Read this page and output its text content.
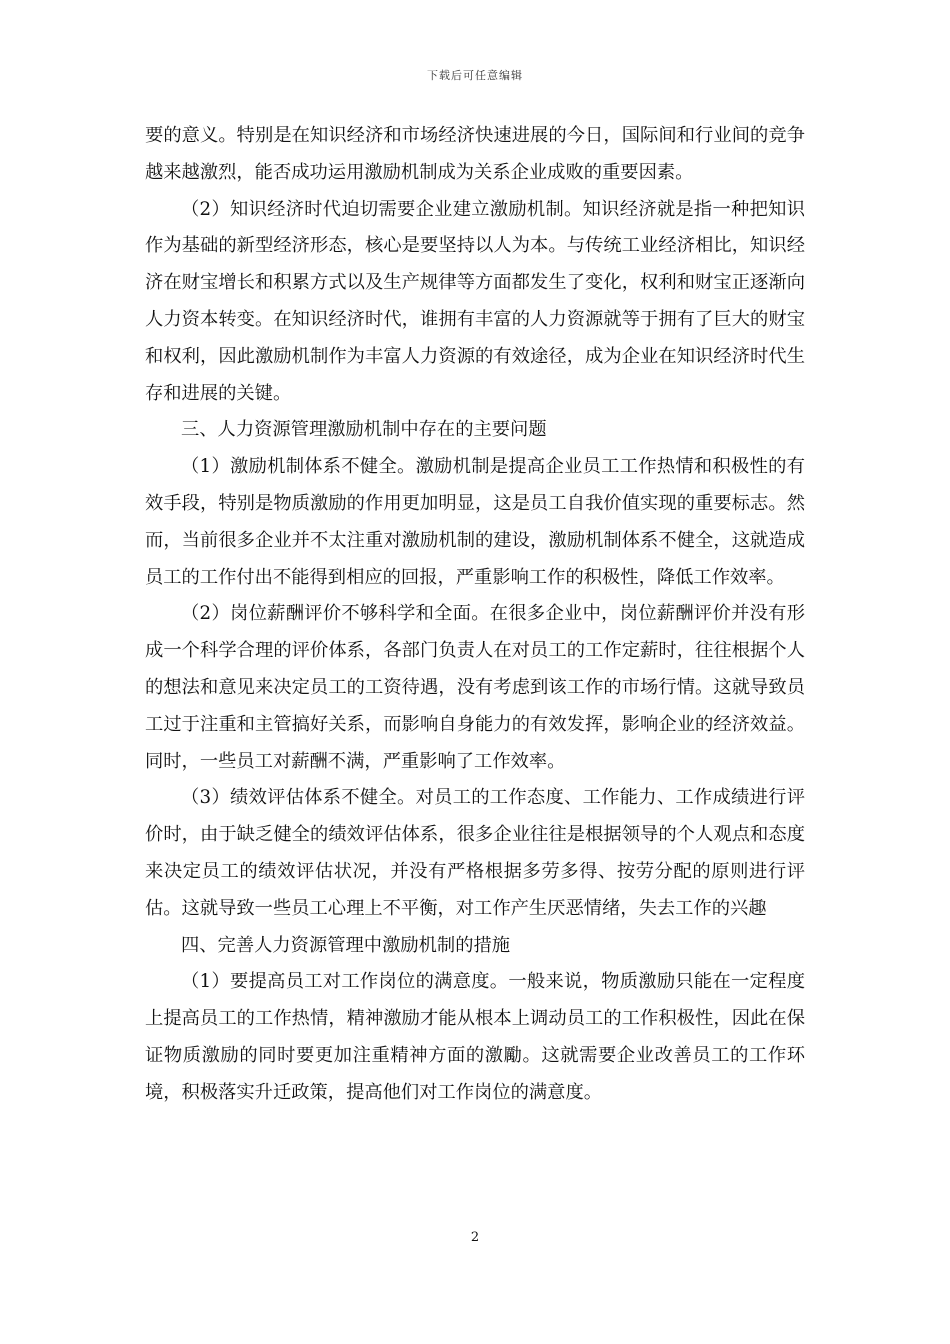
下载后可任意编辑

要的意义。特别是在知识经济和市场经济快速进展的今日，国际间和行业间的竞争越来越激烈，能否成功运用激励机制成为关系企业成败的重要因素。

（2）知识经济时代迫切需要企业建立激励机制。知识经济就是指一种把知识作为基础的新型经济形态，核心是要坚持以人为本。与传统工业经济相比，知识经济在财宝增长和积累方式以及生产规律等方面都发生了变化，权利和财宝正逐渐向人力资本转变。在知识经济时代，谁拥有丰富的人力资源就等于拥有了巨大的财宝和权利，因此激励机制作为丰富人力资源的有效途径，成为企业在知识经济时代生存和进展的关键。

三、人力资源管理激励机制中存在的主要问题

（1）激励机制体系不健全。激励机制是提高企业员工工作热情和积极性的有效手段，特别是物质激励的作用更加明显，这是员工自我价值实现的重要标志。然而，当前很多企业并不太注重对激励机制的建设，激励机制体系不健全，这就造成员工的工作付出不能得到相应的回报，严重影响工作的积极性，降低工作效率。

（2）岗位薪酬评价不够科学和全面。在很多企业中，岗位薪酬评价并没有形成一个科学合理的评价体系，各部门负责人在对员工的工作定薪时，往往根据个人的想法和意见来决定员工的工资待遇，没有考虑到该工作的市场行情。这就导致员工过于注重和主管搞好关系，而影响自身能力的有效发挥，影响企业的经济效益。同时，一些员工对薪酬不满，严重影响了工作效率。

（3）绩效评估体系不健全。对员工的工作态度、工作能力、工作成绩进行评价时，由于缺乏健全的绩效评估体系，很多企业往往是根据领导的个人观点和态度来决定员工的绩效评估状况，并没有严格根据多劳多得、按劳分配的原则进行评估。这就导致一些员工心理上不平衡，对工作产生厌恶情绪，失去工作的兴趣

四、完善人力资源管理中激励机制的措施

（1）要提高员工对工作岗位的满意度。一般来说，物质激励只能在一定程度上提高员工的工作热情，精神激励才能从根本上调动员工的工作积极性，因此在保证物质激励的同时要更加注重精神方面的激勵。这就需要企业改善员工的工作环境，积极落实升迁政策，提高他们对工作岗位的满意度。

2
